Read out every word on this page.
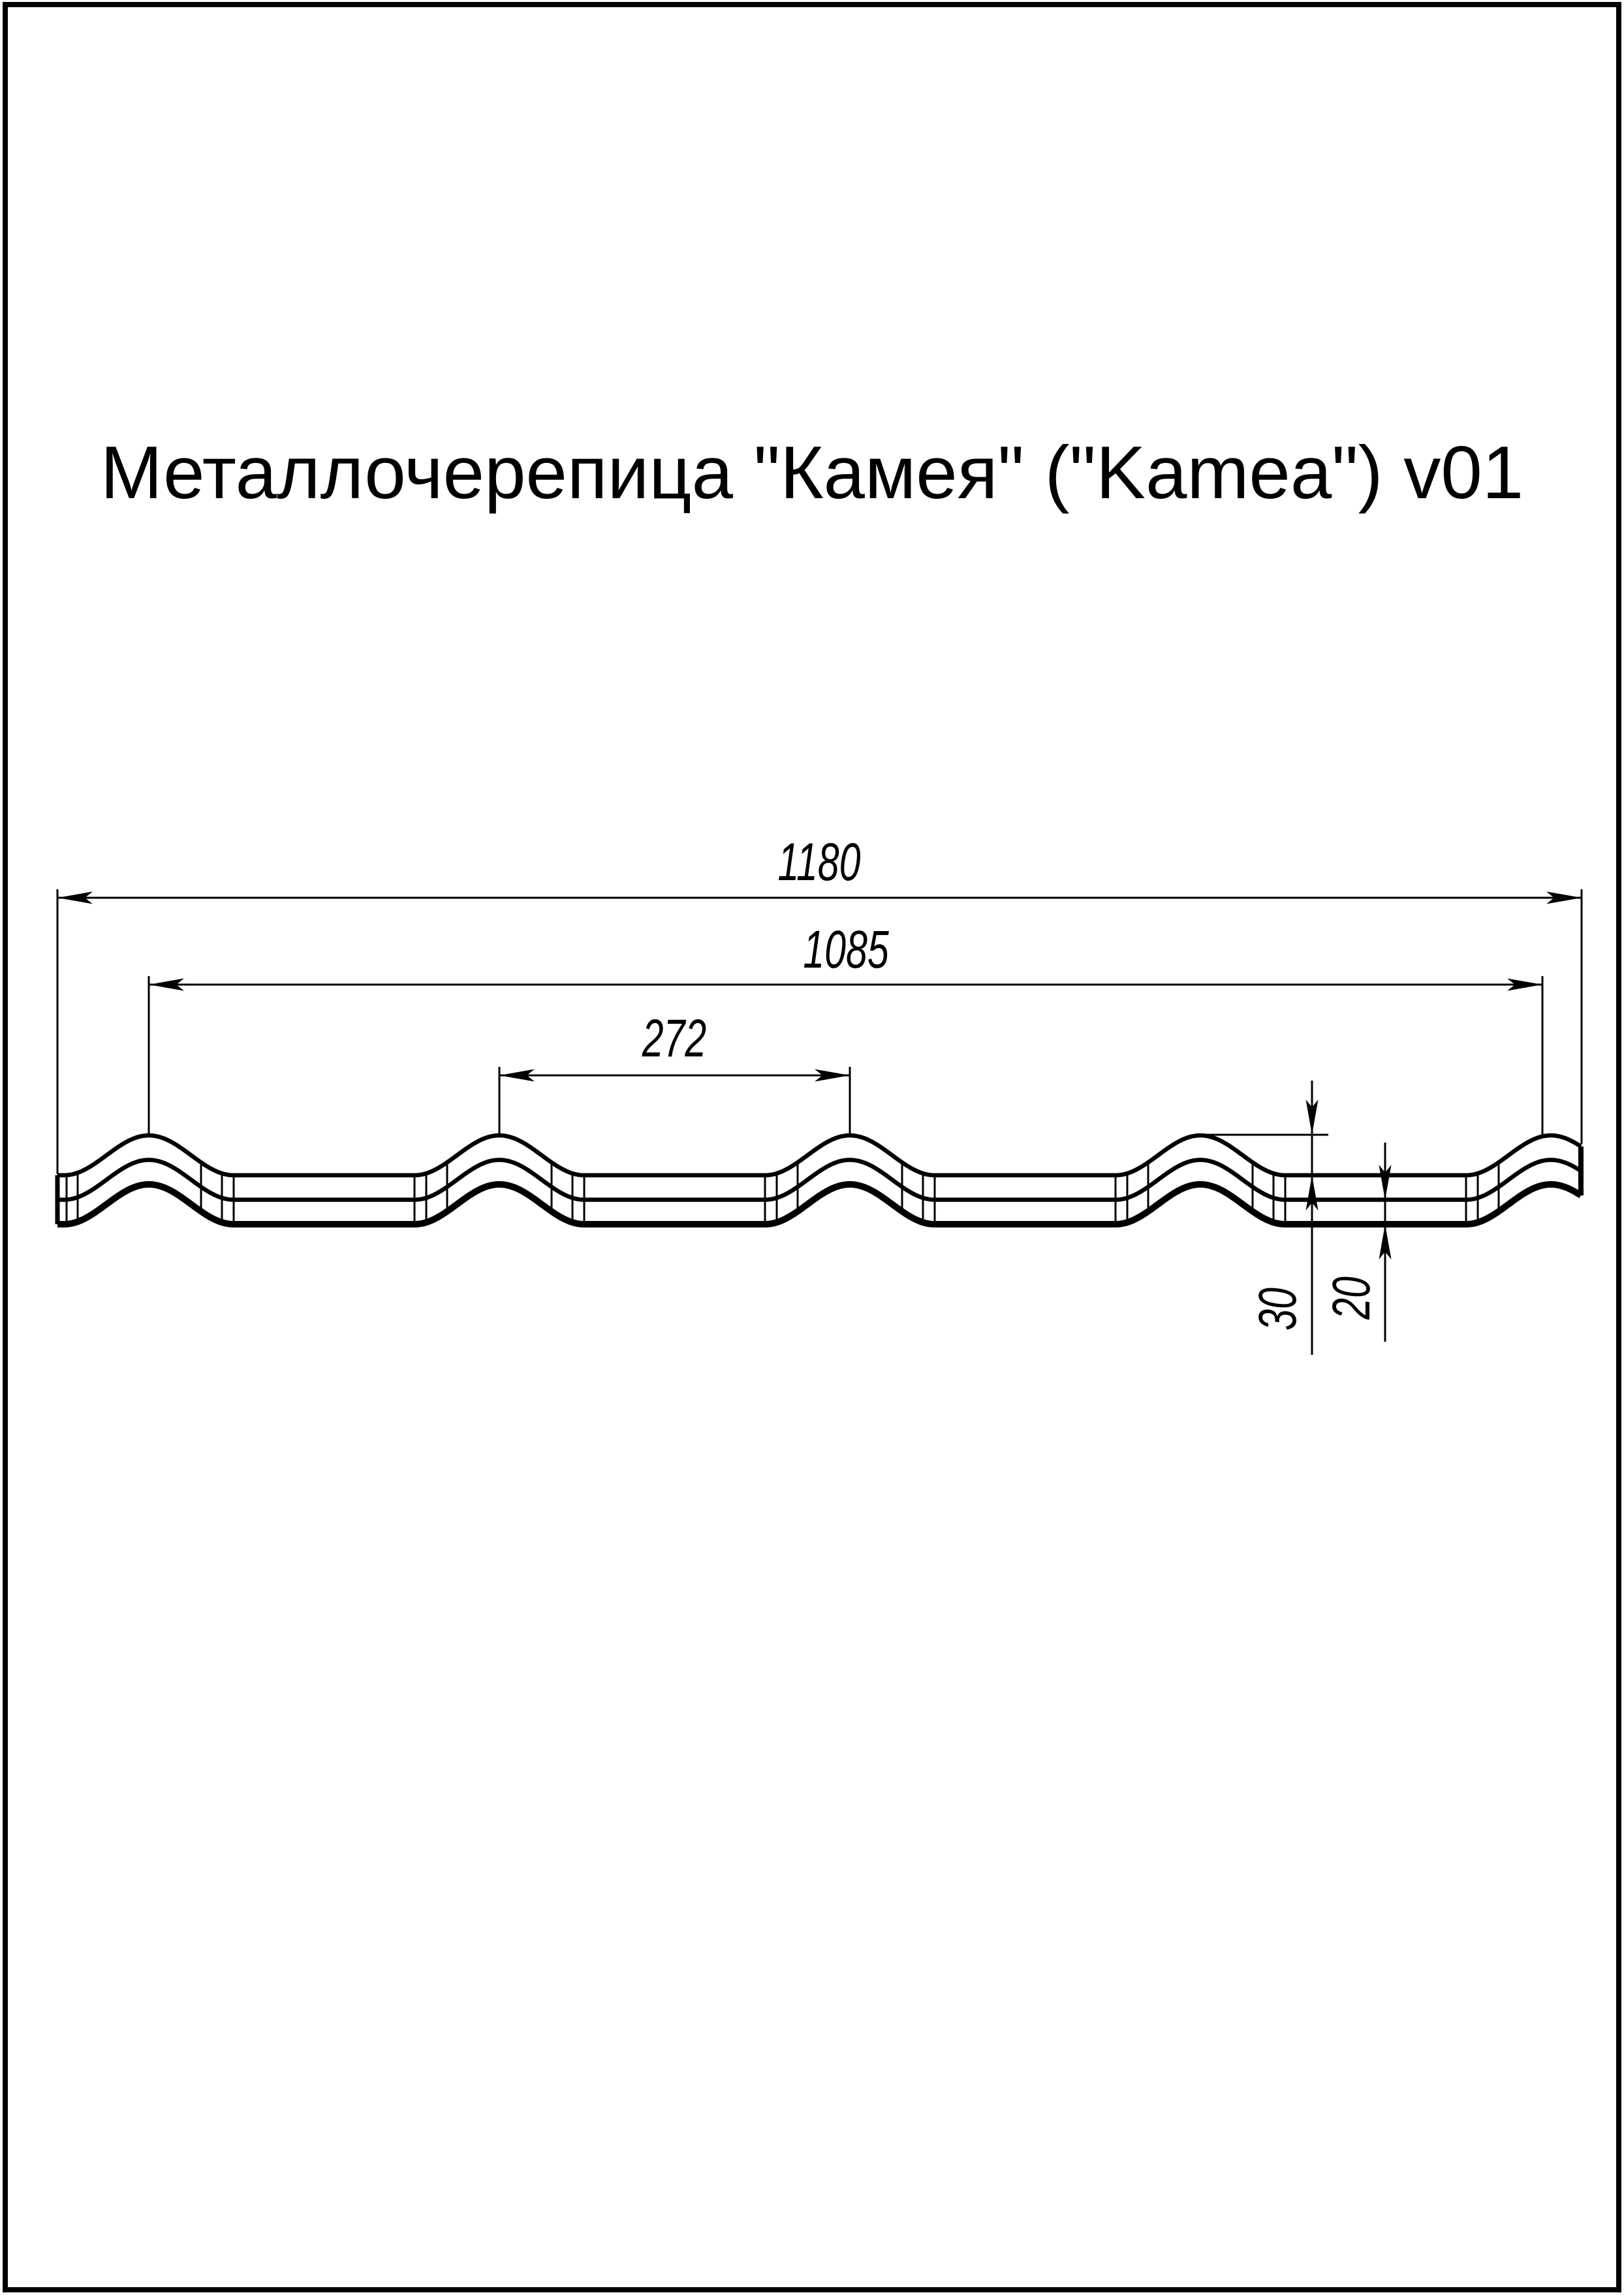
Металлочерепица "Камея" ("Kamea") v01
1180
1085
272
30 20
